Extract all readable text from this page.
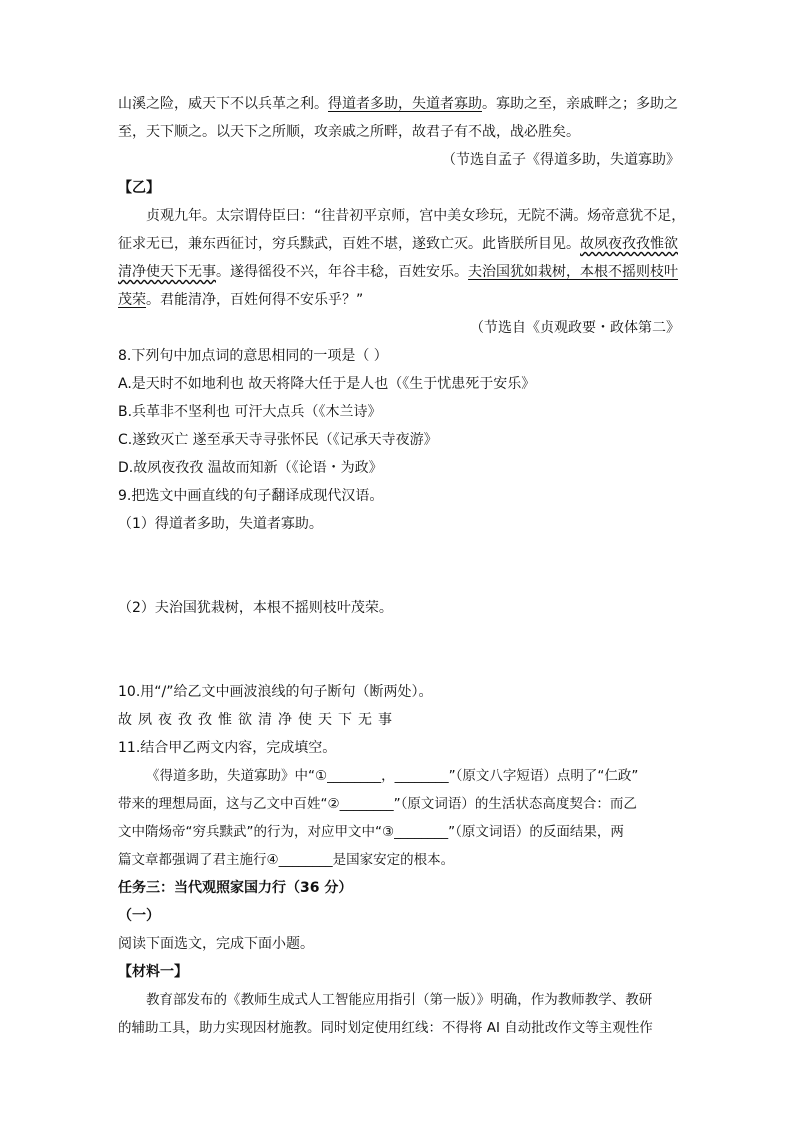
山溪之险，威天下不以兵革之利。得道者多助，失道者寡助。寡助之至，亲戚畔之；多助之
至，天下顺之。以天下之所顺，攻亲戚之所畔，故君子有不战，战必胜矣。
（节选自孟子《得道多助，失道寡助》
【乙】
贞观九年。太宗谓侍臣曰：“往昔初平京师，宫中美女珍玩，无院不满。炀帝意犹不足，
征求无已，兼东西征讨，穷兵黩武，百姓不堪，遂致亡灭。此皆朕所目见。故夙夜孜孜惟欲
清净使天下无事。遂得徭役不兴，年谷丰稔，百姓安乐。夫治国犹如栽树，本根不摇则枝叶
茂荣。君能清净，百姓何得不安乐乎？”
（节选自《贞观政要・政体第二》
8.下列句中加点词的意思相同的一项是（ ）
A.是天时不如地利也 故天将降大任于是人也（《生于忧患死于安乐》
B.兵革非不坚利也 可汗大点兵（《木兰诗》
C.遂致灭亡 遂至承天寺寻张怀民（《记承天寺夜游》
D.故夙夜孜孜 温故而知新（《论语・为政》
9.把选文中画直线的句子翻译成现代汉语。
（1）得道者多助，失道者寡助。
（2）夫治国犹栽树，本根不摇则枝叶茂荣。
10.用“/”给乙文中画波浪线的句子断句（断两处）。
故夙夜孜孜惟欲清净使天下无事
11.结合甲乙两文内容，完成填空。
《得道多助，失道寡助》中“①________，________”（原文八字短语）点明了“仁政”
带来的理想局面，这与乙文中百姓“②________”（原文词语）的生活状态高度契合：而乙
文中隋炀帝“穷兵黩武”的行为，对应甲文中“③________”（原文词语）的反面结果，两
篇文章都强调了君主施行④________是国家安定的根本。
任务三：当代观照家国力行（36 分）
（一）
阅读下面选文，完成下面小题。
【材料一】
教育部发布的《教师生成式人工智能应用指引（第一版）》明确，作为教师教学、教研
的辅助工具，助力实现因材施教。同时划定使用红线：不得将 AI 自动批改作文等主观性作
